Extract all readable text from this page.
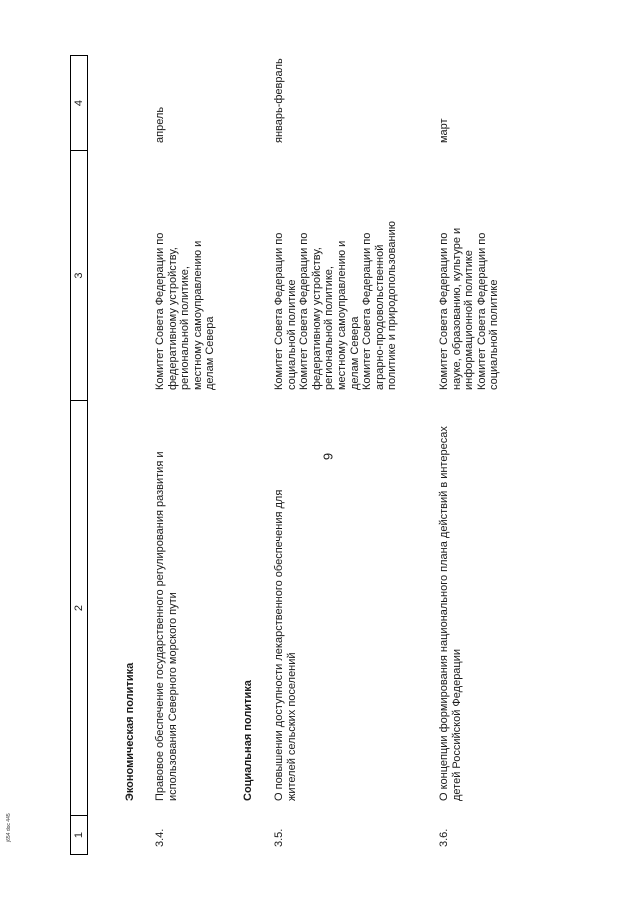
9
1
2
3
4
Экономическая политика
3.4.
Правовое обеспечение государственного регулирования развития и использования Северного морского пути
Комитет Совета Федерации по
федеративному устройству,
региональной политике,
местному самоуправлению и
делам Севера
апрель
Социальная политика
3.5.
О повышении доступности лекарственного обеспечения для жителей сельских поселений
Комитет Совета Федерации по
социальной политике
Комитет Совета Федерации по
федеративному устройству,
региональной политике,
местному самоуправлению и
делам Севера
Комитет Совета Федерации по
аграрно-продовольственной
политике и природопользованию
январь-февраль
3.6.
О концепции формирования национального плана действий в интересах детей Российской Федерации
Комитет Совета Федерации по
науке, образованию, культуре и
информационной политике
Комитет Совета Федерации по
социальной политике
март
ј654 doc 445
